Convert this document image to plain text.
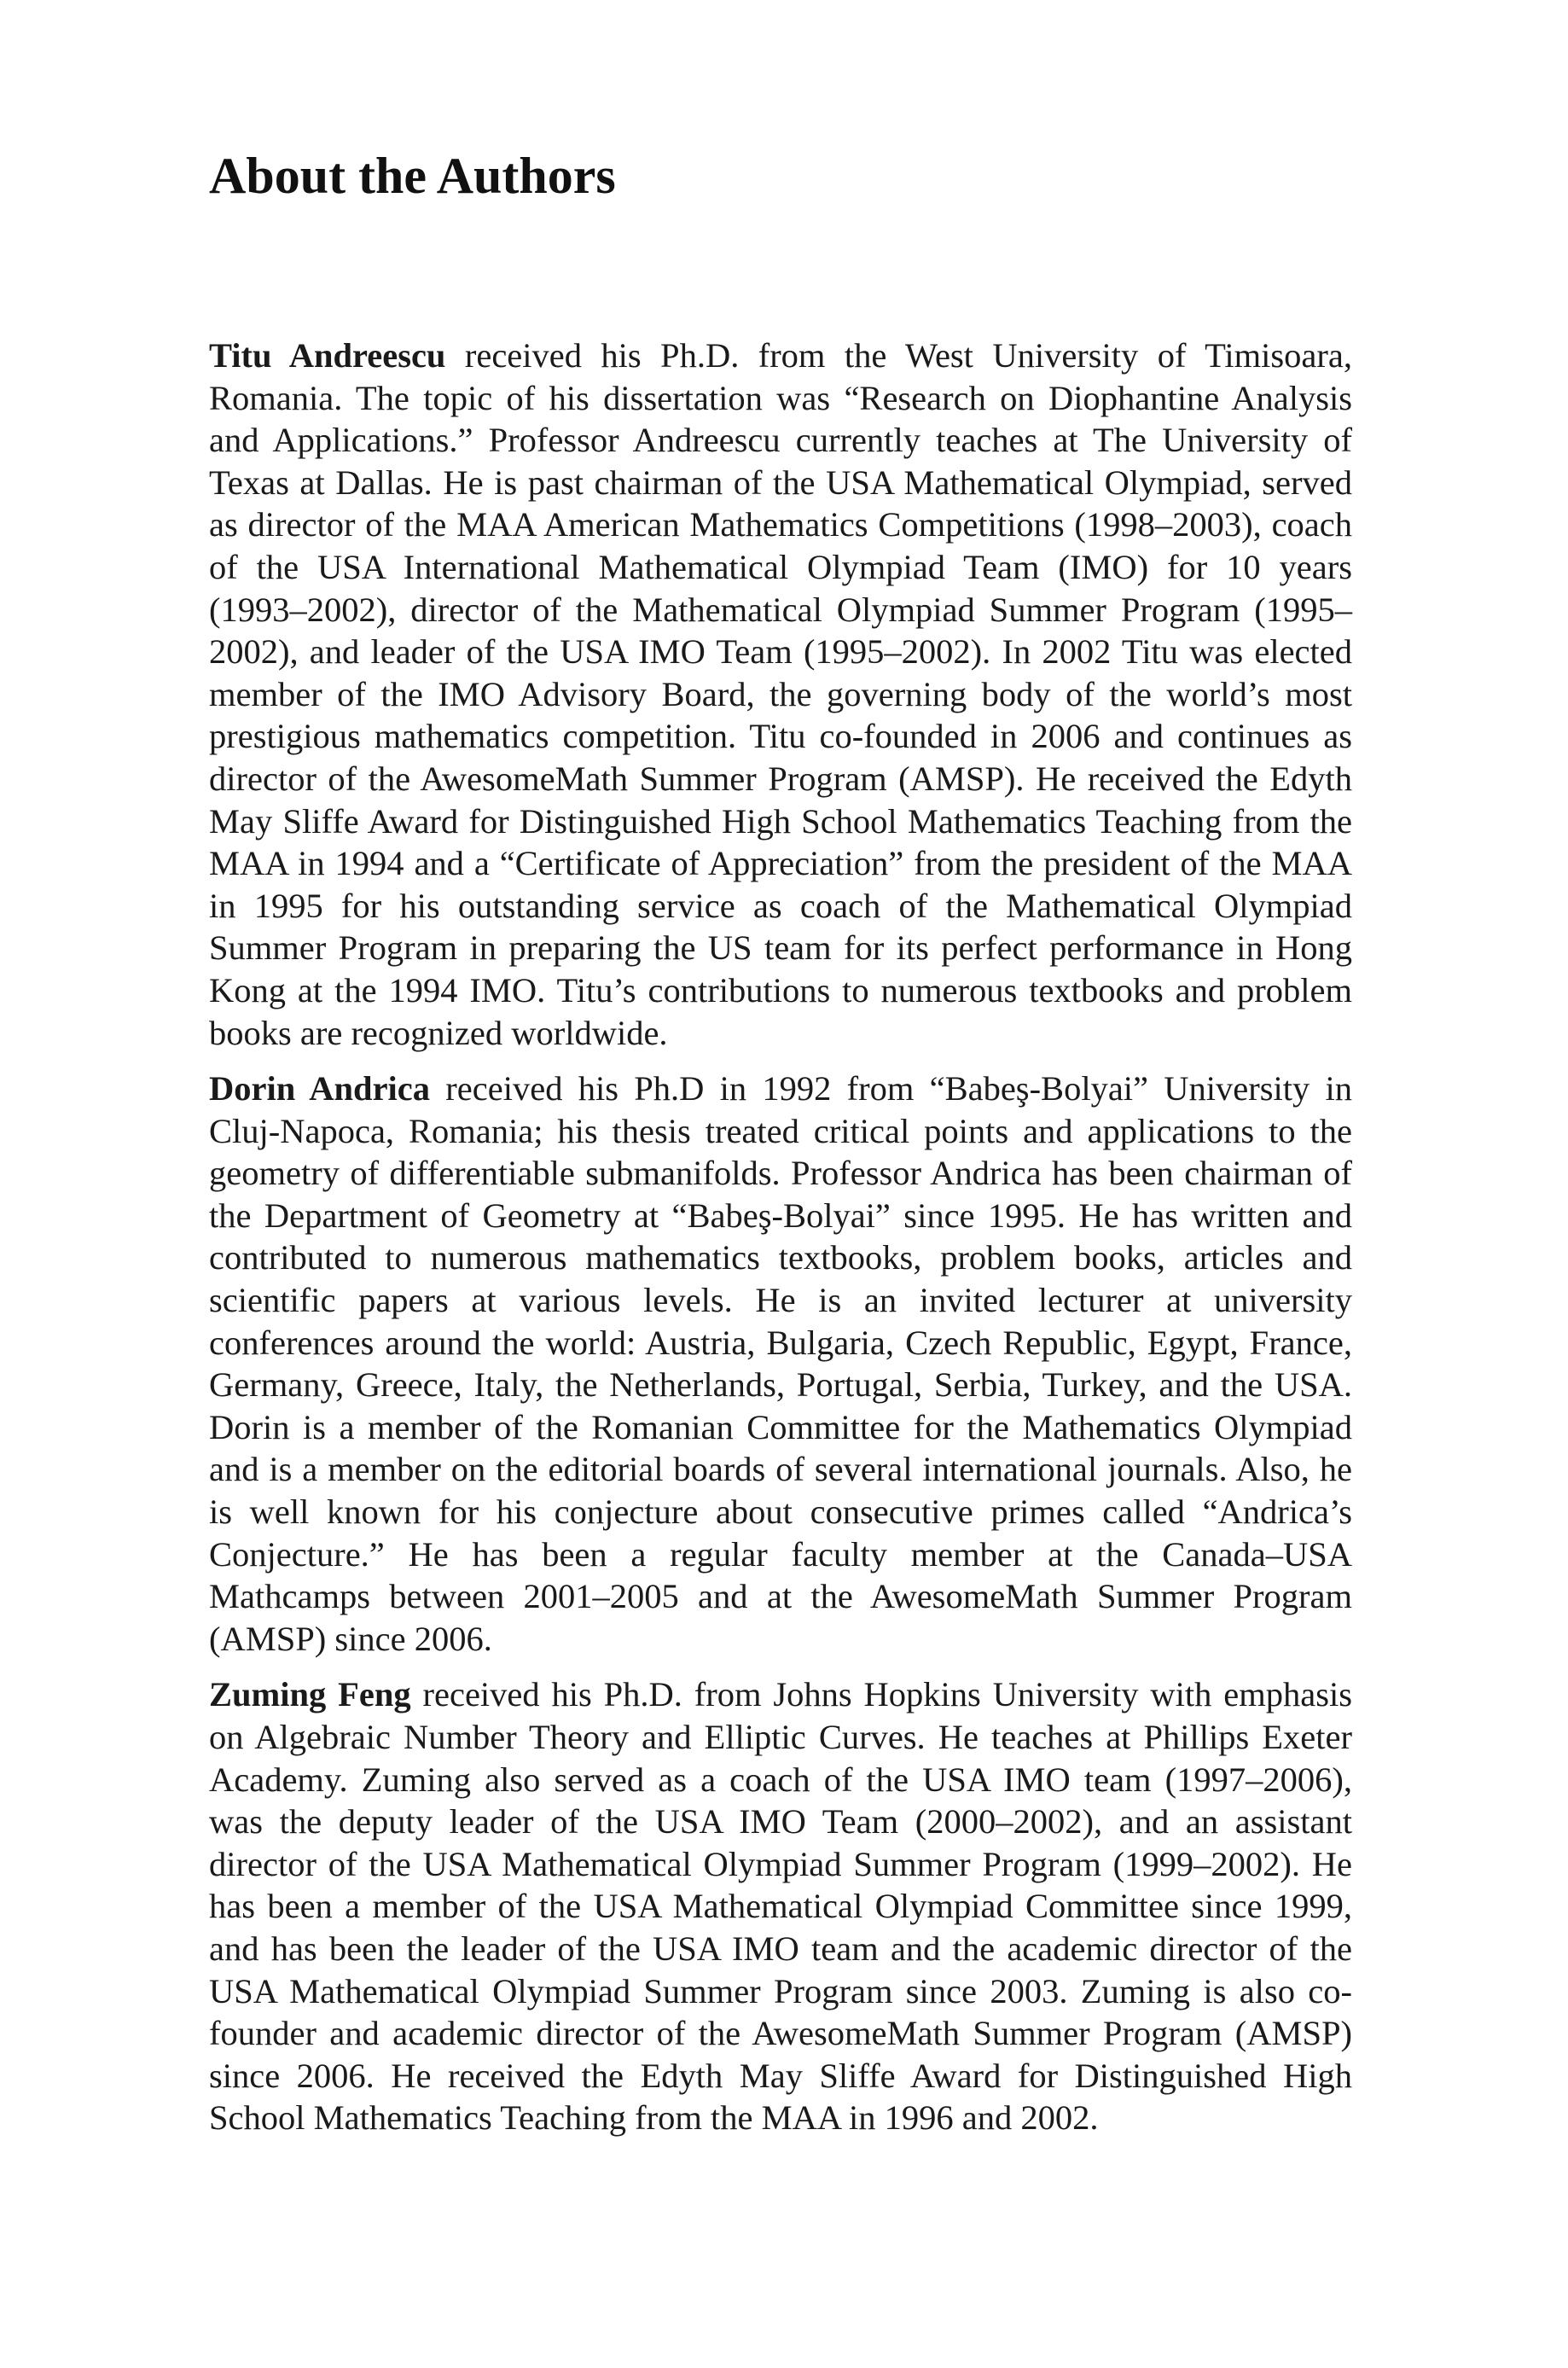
About the Authors

Titu Andreescu received his Ph.D. from the West University of Timisoara, Romania. The topic of his dissertation was “Research on Diophantine Analysis and Applications.” Professor Andreescu currently teaches at The University of Texas at Dallas. He is past chairman of the USA Mathematical Olympiad, served as director of the MAA American Mathematics Competitions (1998–2003), coach of the USA International Mathematical Olympiad Team (IMO) for 10 years (1993–2002), director of the Mathematical Olympiad Summer Program (1995–2002), and leader of the USA IMO Team (1995–2002). In 2002 Titu was elected member of the IMO Advisory Board, the governing body of the world’s most prestigious mathematics competition. Titu co-founded in 2006 and continues as director of the AwesomeMath Summer Program (AMSP). He received the Edyth May Sliffe Award for Distinguished High School Mathematics Teaching from the MAA in 1994 and a “Certificate of Appreciation” from the president of the MAA in 1995 for his outstanding service as coach of the Mathematical Olympiad Summer Program in preparing the US team for its perfect performance in Hong Kong at the 1994 IMO. Titu’s contributions to numerous textbooks and problem books are recognized worldwide.

Dorin Andrica received his Ph.D in 1992 from “Babeş-Bolyai” University in Cluj-Napoca, Romania; his thesis treated critical points and applications to the geometry of differentiable submanifolds. Professor Andrica has been chairman of the Department of Geometry at “Babeş-Bolyai” since 1995. He has written and contributed to numerous mathematics textbooks, problem books, articles and scientific papers at various levels. He is an invited lecturer at university conferences around the world: Austria, Bulgaria, Czech Republic, Egypt, France, Germany, Greece, Italy, the Netherlands, Portugal, Serbia, Turkey, and the USA. Dorin is a member of the Romanian Committee for the Mathematics Olympiad and is a member on the editorial boards of several international journals. Also, he is well known for his conjecture about consecutive primes called “Andrica’s Conjecture.” He has been a regular faculty member at the Canada–USA Mathcamps between 2001–2005 and at the AwesomeMath Summer Program (AMSP) since 2006.

Zuming Feng received his Ph.D. from Johns Hopkins University with emphasis on Algebraic Number Theory and Elliptic Curves. He teaches at Phillips Exeter Academy. Zuming also served as a coach of the USA IMO team (1997–2006), was the deputy leader of the USA IMO Team (2000–2002), and an assistant director of the USA Mathematical Olympiad Summer Program (1999–2002). He has been a member of the USA Mathematical Olympiad Committee since 1999, and has been the leader of the USA IMO team and the academic director of the USA Mathematical Olympiad Summer Program since 2003. Zuming is also co-founder and academic director of the AwesomeMath Summer Program (AMSP) since 2006. He received the Edyth May Sliffe Award for Distinguished High School Mathematics Teaching from the MAA in 1996 and 2002.
